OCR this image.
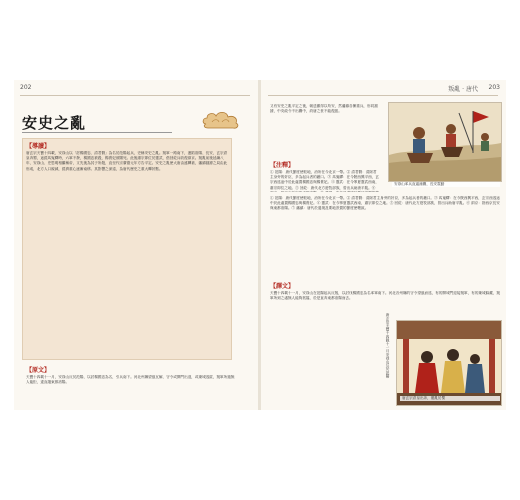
202
安史之亂
【導讀】
唐玄宗天寶十四載，安祿山以「討楊國忠、清君側」為名於范陽起兵，史稱安史之亂。叛軍一路南下，連陷洛陽、長安，玄宗倉皇奔蜀，途經馬嵬驛時，六軍不發，楊國忠被殺，楊貴妃被賜死。此後肅宗即位於靈武，借回紇兵收復兩京。叛亂前後延續八年，安祿山、史思明相繼稱帝，又先後為其子所殺，直至代宗廣德元年方告平定。安史之亂使大唐由盛轉衰，藩鎮割據之局由此形成，北方人口銳減，經濟重心逐漸南移。其影響之深遠，為唐代歷史之重大轉折點。
【原文】
天寶十四載十一月，安祿山反於范陽，以討楊國忠為名，引兵南下。河北州縣望風瓦解，守令或開門出迎，或棄城逃匿，叛軍所過無人能拒，遂直趨東都洛陽。
203
叛亂 · 唐代
又有安史之亂平定之後，朝廷雖得以苟安，然藩鎮各擁重兵，形同割據，中央政令不出關中，終唐之世不能復振。
安祿山率兵直逼潼關，長安震動
【注釋】
① 范陽：唐代節度使駐地，治所在今北京一帶。② 清君側：清除君主身旁的奸臣，多為起兵者的藉口。③ 馬嵬驛：在今陝西興平西，玄宗西逃途中於此處置楊國忠與楊貴妃。④ 靈武：在今寧夏靈武西南，肅宗即位之地。⑤ 回紇：唐代北方遊牧部族，曾出兵助唐平亂。⑥
① 范陽：唐代節度使駐地，治所在今北京一帶。② 清君側：清除君主身旁的奸臣，多為起兵者的藉口。③ 馬嵬驛：在今陝西興平西，玄宗西逃途中於此處置楊國忠與楊貴妃。④ 靈武：在今寧夏靈武西南，肅宗即位之地。⑤ 回紇：唐代北方遊牧部族，曾出兵助唐平亂。⑥ 兩京：指西京長安與東都洛陽。⑦ 藩鎮：唐代於邊境及要地設置的節度使轄區。
【譯文】
天寶十四載十一月，安祿山在范陽起兵反叛，以討伐楊國忠為名率軍南下。河北各州縣的守令望風而逃，有的開城門迎接叛軍，有的棄城躲藏，叛軍所到之處無人能夠抵擋，於是直奔東都洛陽而去。
唐玄宗天寶十四載十一月安祿山反於范陽
唐玄宗倉皇出奔，避亂於蜀
